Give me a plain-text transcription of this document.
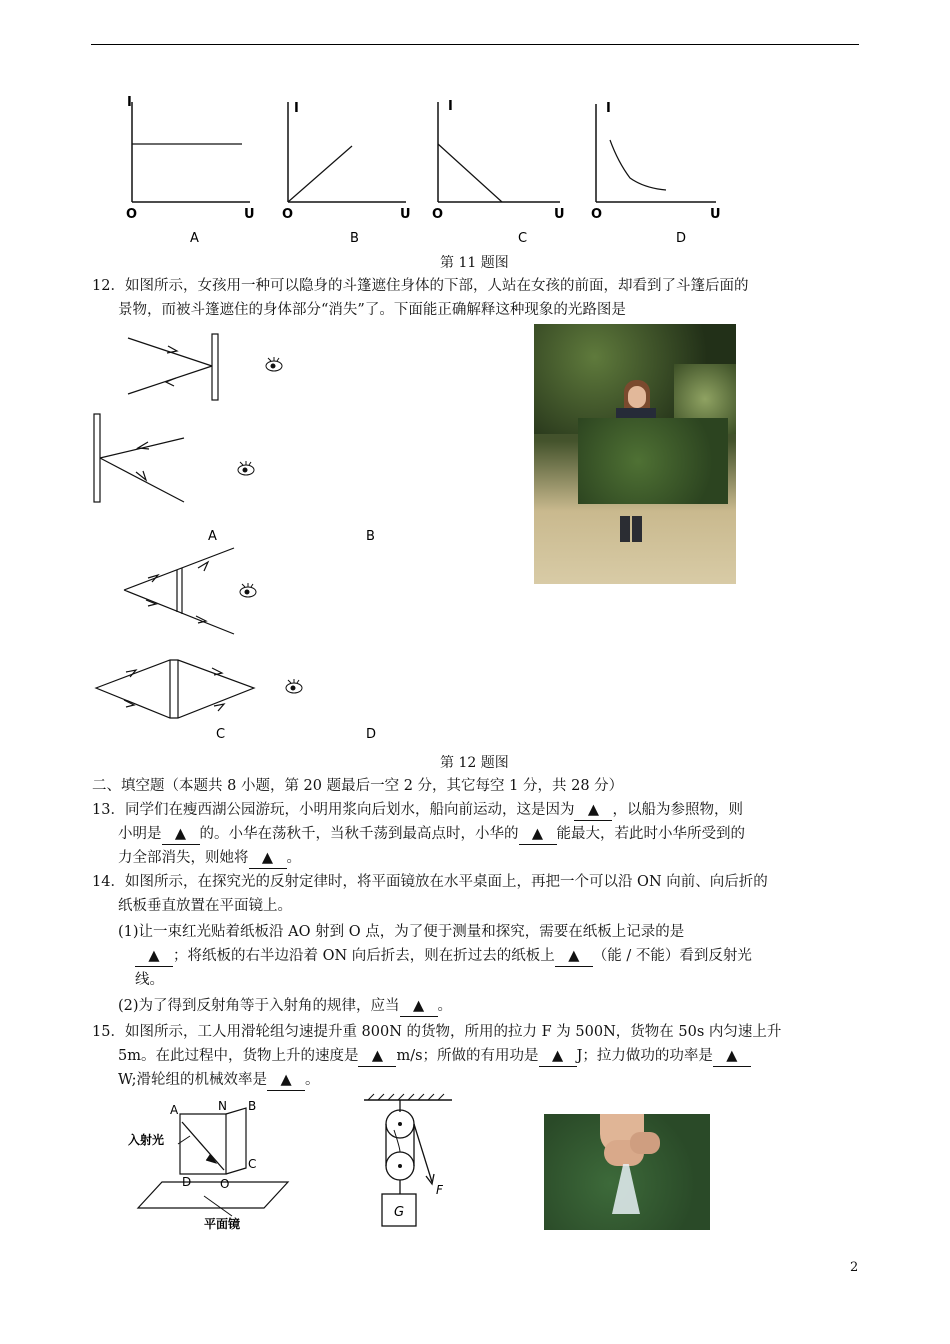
I
O	U
A
I
O	U
B
I
O	U
C
I
O	U
D
第 11 题图
12．如图所示，女孩用一种可以隐身的斗篷遮住身体的下部，人站在女孩的前面，却看到了斗篷后面的
景物，而被斗篷遮住的身体部分“消失”了。下面能正确解释这种现象的光路图是
A	B
C	D
第 12 题图
二、填空题（本题共 8 小题，第 20 题最后一空 2 分，其它每空 1 分，共 28 分）
13．同学们在瘦西湖公园游玩，小明用浆向后划水，船向前运动，这是因为 ▲ ，以船为参照物，则
小明是 ▲ 的。小华在荡秋千，当秋千荡到最高点时，小华的 ▲ 能最大，若此时小华所受到的
力全部消失，则她将 ▲ 。
14．如图所示，在探究光的反射定律时，将平面镜放在水平桌面上，再把一个可以沿 ON 向前、向后折的
纸板垂直放置在平面镜上。
(1)让一束红光贴着纸板沿 AO 射到 O 点，为了便于测量和探究，需要在纸板上记录的是
▲ ；将纸板的右半边沿着 ON 向后折去，则在折过去的纸板上 ▲ （能 / 不能）看到反射光
线。
(2)为了得到反射角等于入射角的规律，应当 ▲ 。
15．如图所示，工人用滑轮组匀速提升重 800N 的货物，所用的拉力 F 为 500N，货物在 50s 内匀速上升
5m。在此过程中，货物上升的速度是 ▲ m/s；所做的有用功是 ▲ J；拉力做功的功率是 ▲
W;滑轮组的机械效率是 ▲ 。
入射光
A	N B
C
D O
平面镜
F
G
2
